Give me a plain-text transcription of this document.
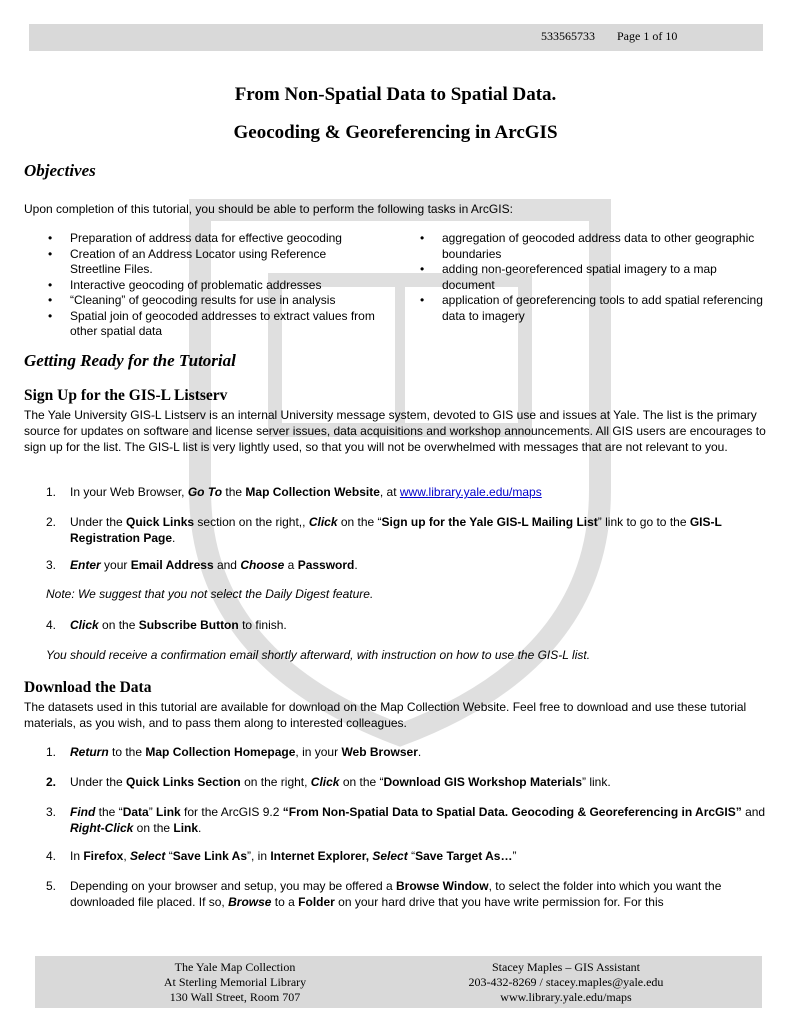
533565733 Page 1 of 10
From Non-Spatial Data to Spatial Data.
Geocoding & Georeferencing in ArcGIS
Objectives

Upon completion of this tutorial, you should be able to perform the following tasks in ArcGIS:

• Preparation of address data for effective geocoding
• Creation of an Address Locator using Reference Streetline Files.
• Interactive geocoding of problematic addresses
• “Cleaning” of geocoding results for use in analysis
• Spatial join of geocoded addresses to extract values from other spatial data
• aggregation of geocoded address data to other geographic boundaries
• adding non-georeferenced spatial imagery to a map document
• application of georeferencing tools to add spatial referencing data to imagery
Getting Ready for the Tutorial
Sign Up for the GIS-L Listserv

The Yale University GIS-L Listserv is an internal University message system, devoted to GIS use and issues at Yale. The list is the primary source for updates on software and license server issues, data acquisitions and workshop announcements. All GIS users are encourages to sign up for the list. The GIS-L list is very lightly used, so that you will not be overwhelmed with messages that are not relevant to you.

1. In your Web Browser, Go To the Map Collection Website, at www.library.yale.edu/maps
2. Under the Quick Links section on the right,, Click on the “Sign up for the Yale GIS-L Mailing List” link to go to the GIS-L Registration Page.
3. Enter your Email Address and Choose a Password.
Note: We suggest that you not select the Daily Digest feature.
4. Click on the Subscribe Button to finish.
You should receive a confirmation email shortly afterward, with instruction on how to use the GIS-L list.
Download the Data

The datasets used in this tutorial are available for download on the Map Collection Website. Feel free to download and use these tutorial materials, as you wish, and to pass them along to interested colleagues.

1. Return to the Map Collection Homepage, in your Web Browser.
2. Under the Quick Links Section on the right, Click on the “Download GIS Workshop Materials” link.
3. Find the “Data” Link for the ArcGIS 9.2 “From Non-Spatial Data to Spatial Data. Geocoding & Georeferencing in ArcGIS” and Right-Click on the Link.
4. In Firefox, Select “Save Link As”, in Internet Explorer, Select “Save Target As…”
5. Depending on your browser and setup, you may be offered a Browse Window, to select the folder into which you want the downloaded file placed. If so, Browse to a Folder on your hard drive that you have write permission for. For this
The Yale Map Collection
At Sterling Memorial Library
130 Wall Street, Room 707
Stacey Maples – GIS Assistant
203-432-8269 / stacey.maples@yale.edu
www.library.yale.edu/maps
